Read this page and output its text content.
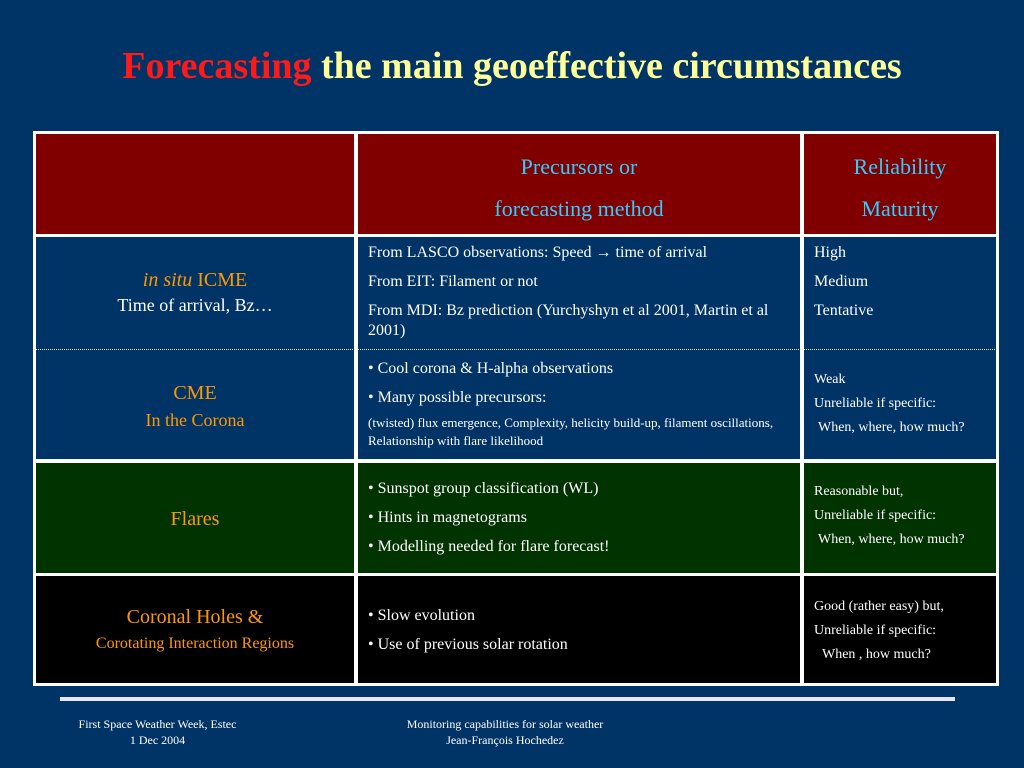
Forecasting the main geoeffective circumstances
Precursors or
forecasting method
Reliability
Maturity
in situ ICME
Time of arrival, Bz…

From LASCO observations: Speed → time of arrival

From EIT: Filament or not

From MDI: Bz prediction (Yurchyshyn et al 2001, Martin et al 2001)

High

Medium

Tentative

CME
In the Corona

• Cool corona & H-alpha observations

• Many possible precursors:

(twisted) flux emergence, Complexity, helicity build-up, filament oscillations, Relationship with flare likelihood

Weak

Unreliable if specific:

When, where, how much?

Flares

• Sunspot group classification (WL)

• Hints in magnetograms

• Modelling needed for flare forecast!

Reasonable but,

Unreliable if specific:

When, where, how much?

Coronal Holes &
Corotating Interaction Regions

• Slow evolution

• Use of previous solar rotation

Good (rather easy) but,

Unreliable if specific:

When , how much?

First Space Weather Week, Estec
1 Dec 2004
Monitoring capabilities for solar weather
Jean-François Hochedez
